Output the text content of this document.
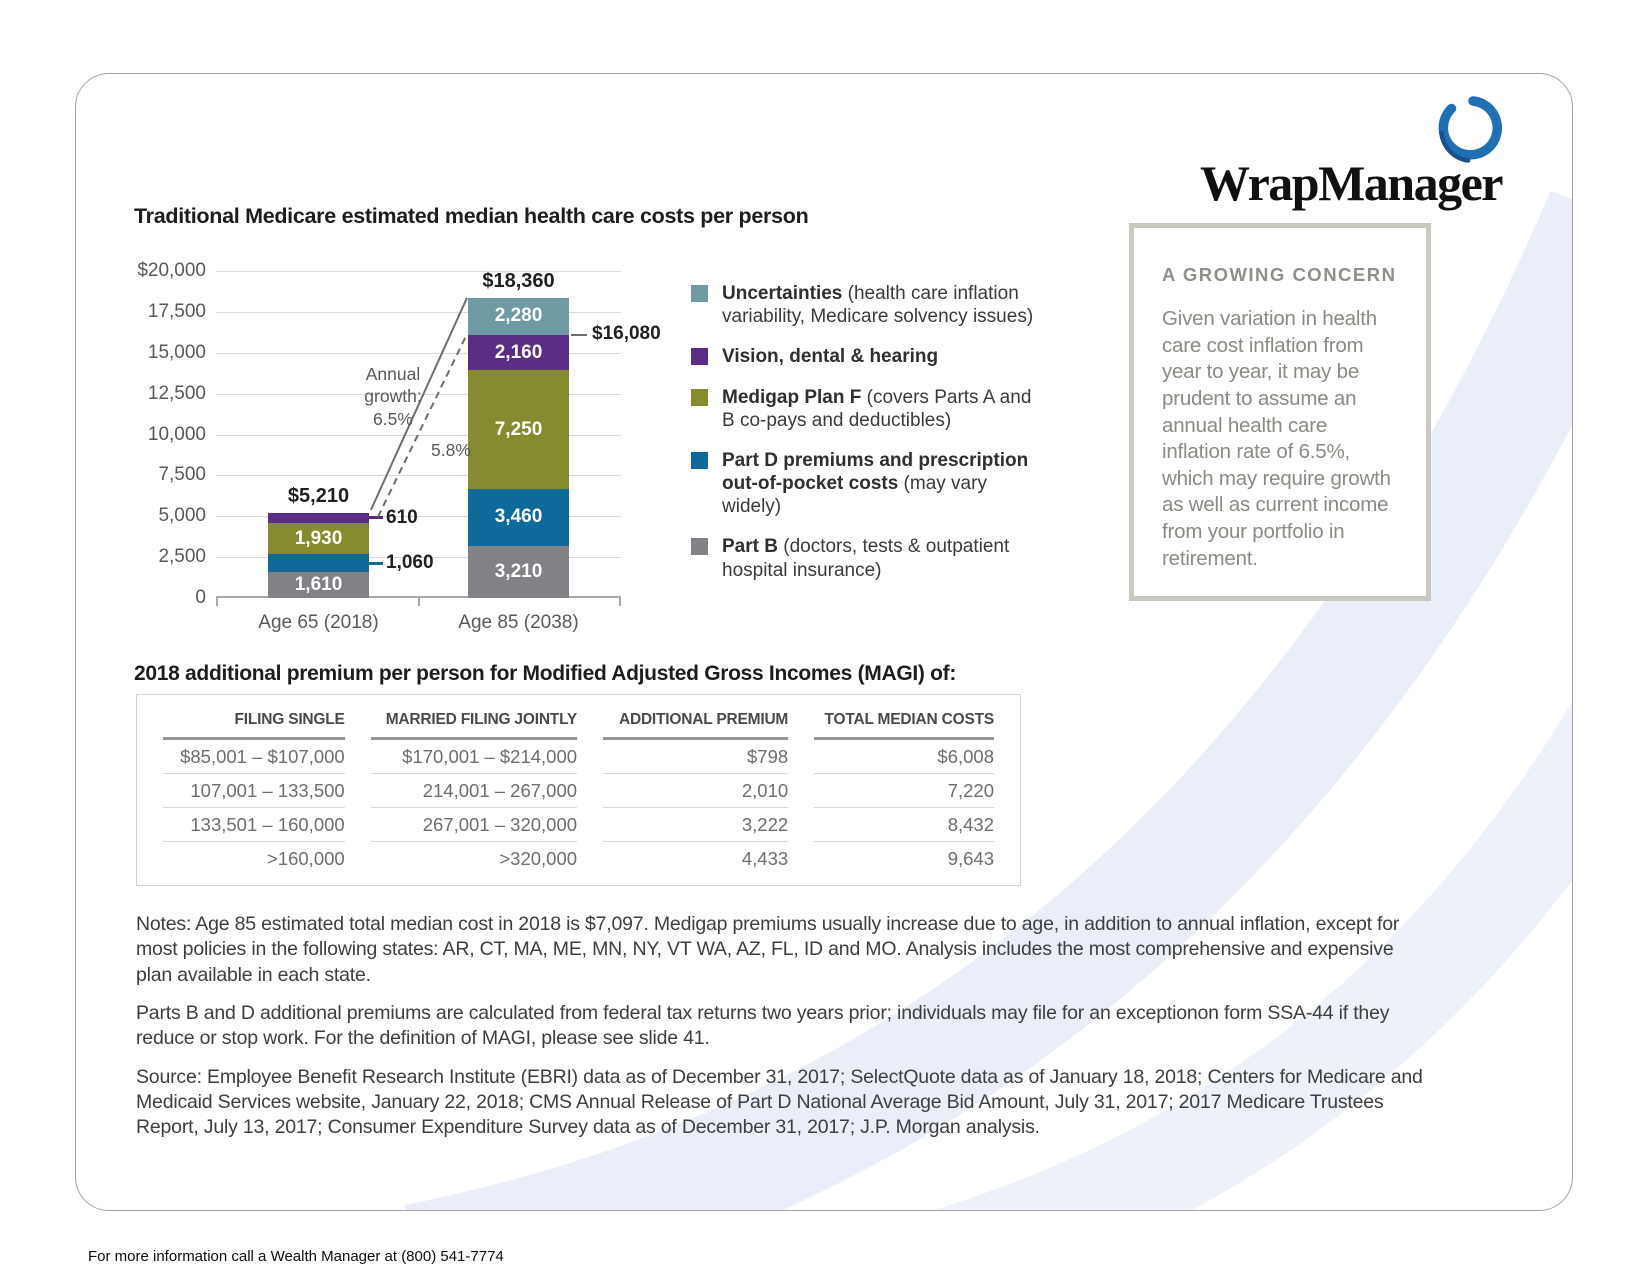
WrapManager
Traditional Medicare estimated median health care costs per person
$20,000
17,500
15,000
12,500
10,000
7,500
5,000
2,500
0
Age 65 (2018)	Age 85 (2038)
1,610
1,930
$5,210
3,210
3,460
7,250
2,160
2,280
$18,360
610
1,060
$16,080
Annual
growth:
6.5%
5.8%
Uncertainties (health care inflation variability, Medicare solvency issues)
Vision, dental & hearing
Medigap Plan F (covers Parts A and B co-pays and deductibles)
Part D premiums and prescription out-of-pocket costs (may vary widely)
Part B (doctors, tests & outpatient hospital insurance)
A GROWING CONCERN
Given variation in health care cost inflation from year to year, it may be prudent to assume an annual health care inflation rate of 6.5%, which may require growth as well as current income from your portfolio in retirement.
2018 additional premium per person for Modified Adjusted Gross Incomes (MAGI) of:
FILING SINGLE	MARRIED FILING JOINTLY	ADDITIONAL PREMIUM	TOTAL MEDIAN COSTS
$85,001 – $107,000	$170,001 – $214,000	$798	$6,008
107,001 – 133,500	214,001 – 267,000	2,010	7,220
133,501 – 160,000	267,001 – 320,000	3,222	8,432
>160,000	>320,000	4,433	9,643

Notes: Age 85 estimated total median cost in 2018 is $7,097. Medigap premiums usually increase due to age, in addition to annual inflation, except for most policies in the following states: AR, CT, MA, ME, MN, NY, VT WA, AZ, FL, ID and MO. Analysis includes the most comprehensive and expensive plan available in each state.

Parts B and D additional premiums are calculated from federal tax returns two years prior; individuals may file for an exceptionon form SSA-44 if they reduce or stop work. For the definition of MAGI, please see slide 41.

Source: Employee Benefit Research Institute (EBRI) data as of December 31, 2017; SelectQuote data as of January 18, 2018; Centers for Medicare and Medicaid Services website, January 22, 2018; CMS Annual Release of Part D National Average Bid Amount, July 31, 2017; 2017 Medicare Trustees Report, July 13, 2017; Consumer Expenditure Survey data as of December 31, 2017; J.P. Morgan analysis.

For more information call a Wealth Manager at (800) 541-7774
